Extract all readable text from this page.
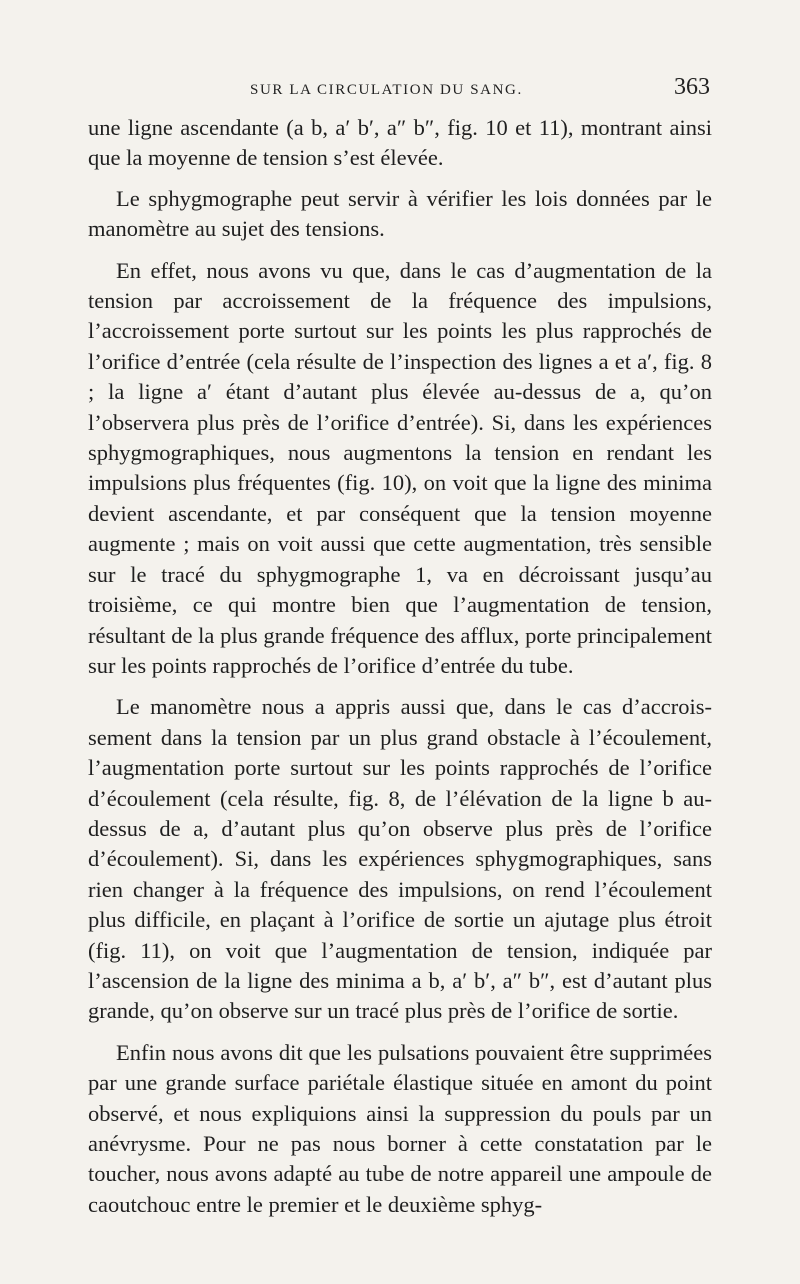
SUR LA CIRCULATION DU SANG.	363

une ligne ascendante (a b, a′ b′, a″ b″, fig. 10 et 11), montrant ainsi que la moyenne de tension s’est élevée.

Le sphygmographe peut servir à vérifier les lois données par le manomètre au sujet des tensions.

En effet, nous avons vu que, dans le cas d’augmentation de la tension par accroissement de la fréquence des impulsions, l’accroissement porte surtout sur les points les plus rapprochés de l’orifice d’entrée (cela résulte de l’inspection des lignes a et a′, fig. 8 ; la ligne a′ étant d’autant plus élevée au-dessus de a, qu’on l’observera plus près de l’orifice d’entrée). Si, dans les expériences sphygmographiques, nous augmentons la tension en rendant les impulsions plus fréquentes (fig. 10), on voit que la ligne des minima devient ascendante, et par conséquent que la tension moyenne augmente ; mais on voit aussi que cette augmentation, très sensible sur le tracé du sphygmographe 1, va en décroissant jusqu’au troisième, ce qui montre bien que l’augmentation de tension, résultant de la plus grande fréquence des afflux, porte principalement sur les points rapprochés de l’orifice d’entrée du tube.

Le manomètre nous a appris aussi que, dans le cas d’accroissement dans la tension par un plus grand obstacle à l’écoulement, l’augmentation porte surtout sur les points rapprochés de l’orifice d’écoulement (cela résulte, fig. 8, de l’élévation de la ligne b audessus de a, d’autant plus qu’on observe plus près de l’orifice d’écoulement). Si, dans les expériences sphygmographiques, sans rien changer à la fréquence des impulsions, on rend l’écoulement plus difficile, en plaçant à l’orifice de sortie un ajutage plus étroit (fig. 11), on voit que l’augmentation de tension, indiquée par l’ascension de la ligne des minima a b, a′ b′, a″ b″, est d’autant plus grande, qu’on observe sur un tracé plus près de l’orifice de sortie.

Enfin nous avons dit que les pulsations pouvaient être supprimées par une grande surface pariétale élastique située en amont du point observé, et nous expliquions ainsi la suppression du pouls par un anévrysme. Pour ne pas nous borner à cette constatation par le toucher, nous avons adapté au tube de notre appareil une ampoule de caoutchouc entre le premier et le deuxième sphyg-
